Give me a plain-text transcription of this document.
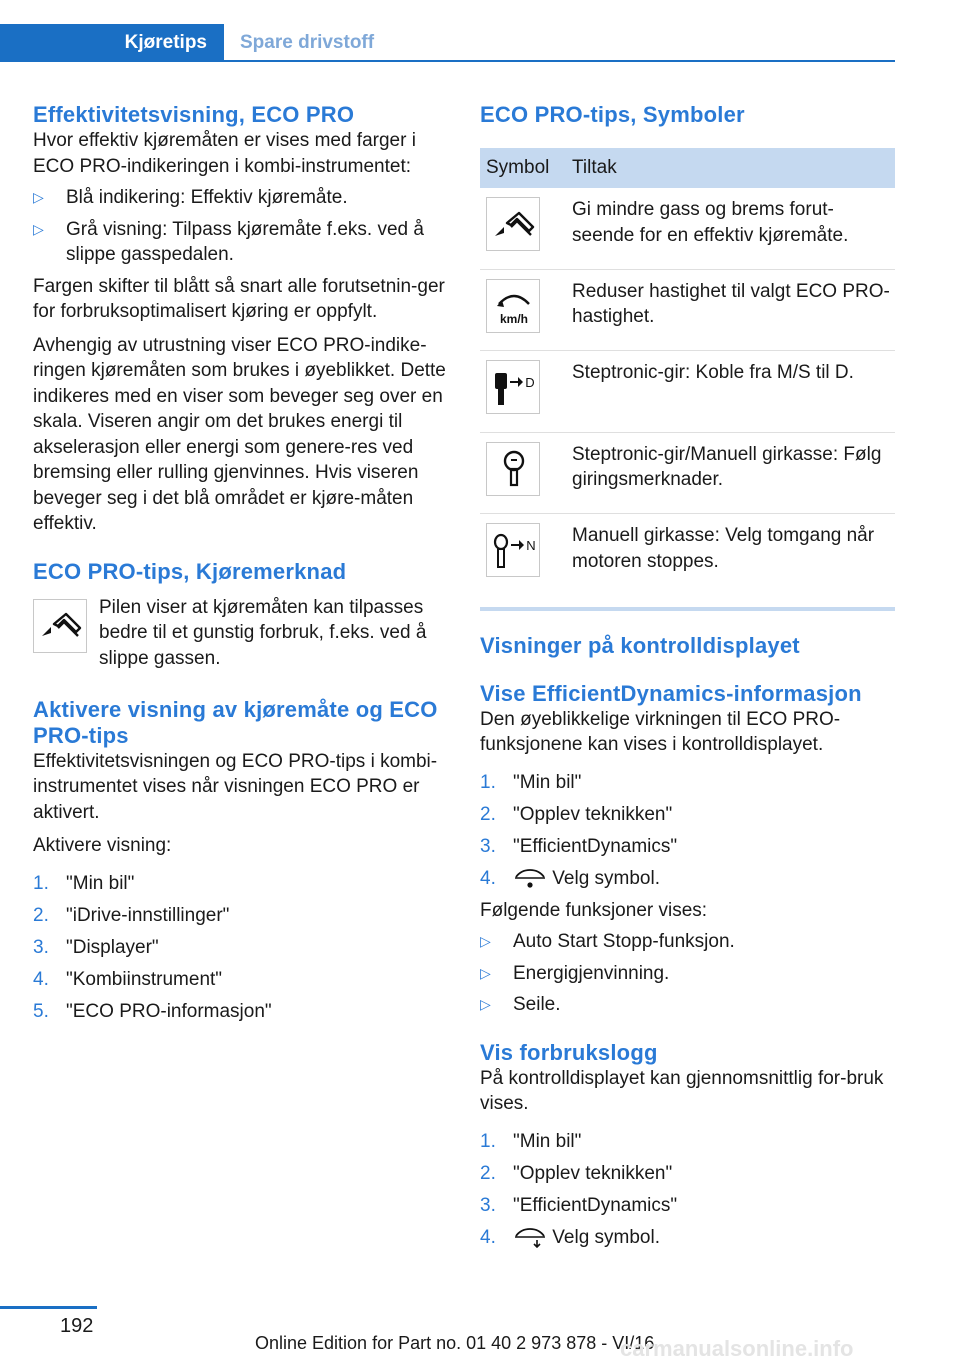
Kjøretips	Spare drivstoff
Effektivitetsvisning, ECO PRO

Hvor effektiv kjøremåten er vises med farger i ECO PRO-indikeringen i kombi-instrumentet:

▷ Blå indikering: Effektiv kjøremåte.
▷ Grå visning: Tilpass kjøremåte f.eks. ved å slippe gasspedalen.

Fargen skifter til blått så snart alle forutsetnin-ger for forbruksoptimalisert kjøring er oppfylt.

Avhengig av utrustning viser ECO PRO-indike-ringen kjøremåten som brukes i øyeblikket. Dette indikeres med en viser som beveger seg over en skala. Viseren angir om det brukes energi til akselerasjon eller energi som genere-res ved bremsing eller rulling gjenvinnes. Hvis viseren beveger seg i det blå området er kjøre-måten effektiv.

ECO PRO-tips, Kjøremerknad

Pilen viser at kjøremåten kan tilpasses bedre til et gunstig forbruk, f.eks. ved å slippe gassen.

Aktivere visning av kjøremåte og ECO PRO-tips

Effektivitetsvisningen og ECO PRO-tips i kombi-instrumentet vises når visningen ECO PRO er aktivert.

Aktivere visning:

1. "Min bil"
2. "iDrive-innstillinger"
3. "Displayer"
4. "Kombiinstrument"
5. "ECO PRO-informasjon"
ECO PRO-tips, Symboler
Symbol	Tiltak

	Gi mindre gass og brems forut-seende for en effektiv kjøremåte.

km/h	Reduser hastighet til valgt ECO PRO-hastighet.

D	Steptronic-gir: Koble fra M/S til D.

	Steptronic-gir/Manuell girkasse: Følg giringsmerknader.

N	Manuell girkasse: Velg tomgang når motoren stoppes.
Visninger på kontrolldisplayet
Vise EfficientDynamics-informasjon

Den øyeblikkelige virkningen til ECO PRO-funksjonene kan vises i kontrolldisplayet.

1. "Min bil"
2. "Opplev teknikken"
3. "EfficientDynamics"
4.	Velg symbol.

Følgende funksjoner vises:

▷ Auto Start Stopp-funksjon.
▷ Energigjenvinning.
▷ Seile.
Vis forbrukslogg

På kontrolldisplayet kan gjennomsnittlig for-bruk vises.

1. "Min bil"
2. "Opplev teknikken"
3. "EfficientDynamics"
4.	Velg symbol.
192
Online Edition for Part no. 01 40 2 973 878 - VI/16
carmanualsonline.info
